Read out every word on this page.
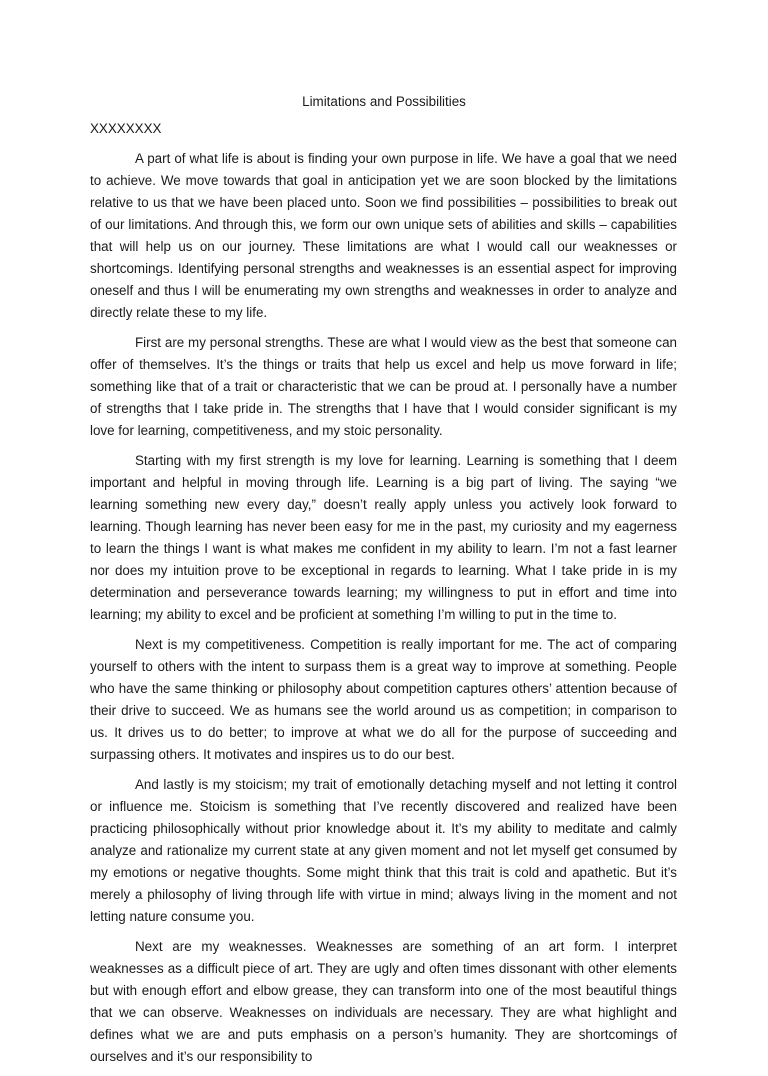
Limitations and Possibilities

XXXXXXXX

A part of what life is about is finding your own purpose in life. We have a goal that we need to achieve. We move towards that goal in anticipation yet we are soon blocked by the limitations relative to us that we have been placed unto. Soon we find possibilities – possibilities to break out of our limitations. And through this, we form our own unique sets of abilities and skills – capabilities that will help us on our journey. These limitations are what I would call our weaknesses or shortcomings. Identifying personal strengths and weaknesses is an essential aspect for improving oneself and thus I will be enumerating my own strengths and weaknesses in order to analyze and directly relate these to my life.

First are my personal strengths. These are what I would view as the best that someone can offer of themselves. It’s the things or traits that help us excel and help us move forward in life; something like that of a trait or characteristic that we can be proud at. I personally have a number of strengths that I take pride in. The strengths that I have that I would consider significant is my love for learning, competitiveness, and my stoic personality.

Starting with my first strength is my love for learning. Learning is something that I deem important and helpful in moving through life. Learning is a big part of living. The saying “we learning something new every day,” doesn’t really apply unless you actively look forward to learning. Though learning has never been easy for me in the past, my curiosity and my eagerness to learn the things I want is what makes me confident in my ability to learn. I’m not a fast learner nor does my intuition prove to be exceptional in regards to learning. What I take pride in is my determination and perseverance towards learning; my willingness to put in effort and time into learning; my ability to excel and be proficient at something I’m willing to put in the time to.

Next is my competitiveness. Competition is really important for me. The act of comparing yourself to others with the intent to surpass them is a great way to improve at something. People who have the same thinking or philosophy about competition captures others’ attention because of their drive to succeed. We as humans see the world around us as competition; in comparison to us. It drives us to do better; to improve at what we do all for the purpose of succeeding and surpassing others. It motivates and inspires us to do our best.

And lastly is my stoicism; my trait of emotionally detaching myself and not letting it control or influence me. Stoicism is something that I’ve recently discovered and realized have been practicing philosophically without prior knowledge about it. It’s my ability to meditate and calmly analyze and rationalize my current state at any given moment and not let myself get consumed by my emotions or negative thoughts. Some might think that this trait is cold and apathetic. But it’s merely a philosophy of living through life with virtue in mind; always living in the moment and not letting nature consume you.

Next are my weaknesses. Weaknesses are something of an art form. I interpret weaknesses as a difficult piece of art. They are ugly and often times dissonant with other elements but with enough effort and elbow grease, they can transform into one of the most beautiful things that we can observe. Weaknesses on individuals are necessary. They are what highlight and defines what we are and puts emphasis on a person’s humanity. They are shortcomings of ourselves and it’s our responsibility to
